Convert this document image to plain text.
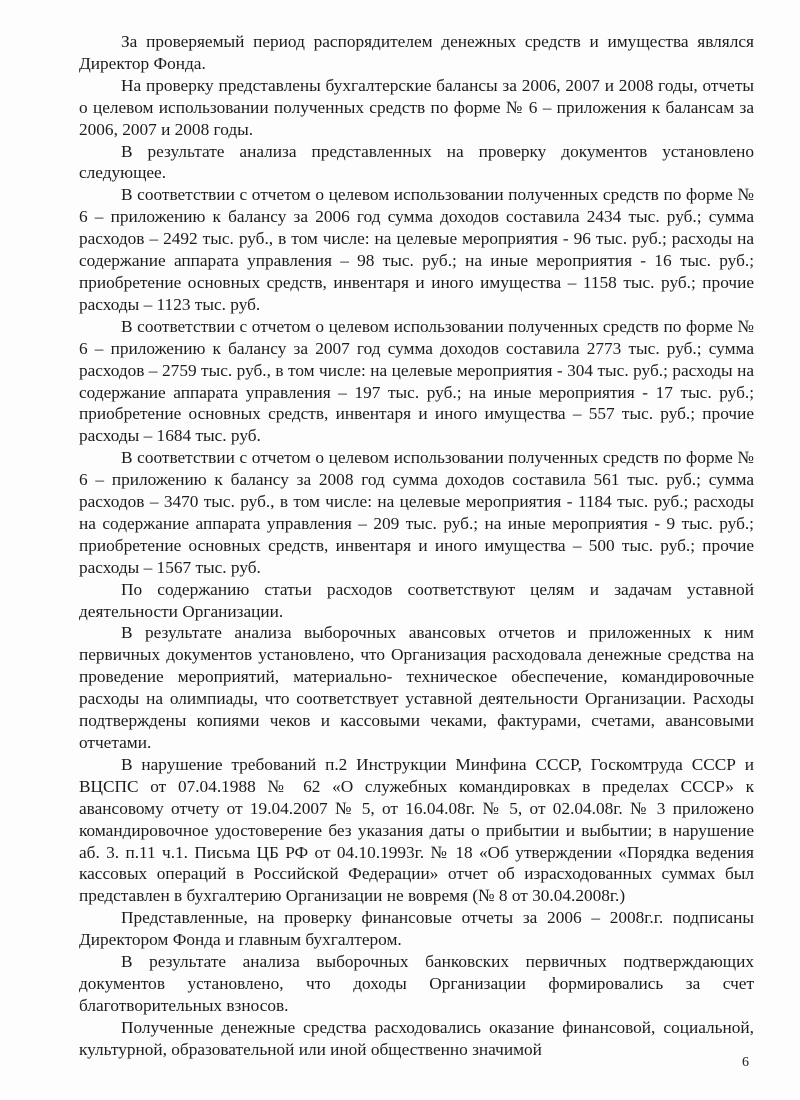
За проверяемый период распорядителем денежных средств и имущества являлся Директор Фонда.

На проверку представлены бухгалтерские балансы за 2006, 2007 и 2008 годы, отчеты о целевом использовании полученных средств по форме № 6 – приложения к балансам за 2006, 2007 и 2008 годы.

В результате анализа представленных на проверку документов установлено следующее.

В соответствии с отчетом о целевом использовании полученных средств по форме № 6 – приложению к балансу за 2006 год сумма доходов составила 2434 тыс. руб.; сумма расходов – 2492 тыс. руб., в том числе: на целевые мероприятия - 96 тыс. руб.; расходы на содержание аппарата управления – 98 тыс. руб.; на иные мероприятия - 16 тыс. руб.; приобретение основных средств, инвентаря и иного имущества – 1158 тыс. руб.; прочие расходы – 1123 тыс. руб.

В соответствии с отчетом о целевом использовании полученных средств по форме № 6 – приложению к балансу за 2007 год сумма доходов составила 2773 тыс. руб.; сумма расходов – 2759 тыс. руб., в том числе: на целевые мероприятия - 304 тыс. руб.; расходы на содержание аппарата управления – 197 тыс. руб.; на иные мероприятия - 17 тыс. руб.; приобретение основных средств, инвентаря и иного имущества – 557 тыс. руб.; прочие расходы – 1684 тыс. руб.

В соответствии с отчетом о целевом использовании полученных средств по форме № 6 – приложению к балансу за 2008 год сумма доходов составила 561 тыс. руб.; сумма расходов – 3470 тыс. руб., в том числе: на целевые мероприятия - 1184 тыс. руб.; расходы на содержание аппарата управления – 209 тыс. руб.; на иные мероприятия - 9 тыс. руб.; приобретение основных средств, инвентаря и иного имущества – 500 тыс. руб.; прочие расходы – 1567 тыс. руб.

По содержанию статьи расходов соответствуют целям и задачам уставной деятельности Организации.

В результате анализа выборочных авансовых отчетов и приложенных к ним первичных документов установлено, что Организация расходовала денежные средства на проведение мероприятий, материально- техническое обеспечение, командировочные расходы на олимпиады, что соответствует уставной деятельности Организации. Расходы подтверждены копиями чеков и кассовыми чеками, фактурами, счетами, авансовыми отчетами.

В нарушение требований п.2 Инструкции Минфина СССР, Госкомтруда СССР и ВЦСПС от 07.04.1988 № 62 «О служебных командировках в пределах СССР» к авансовому отчету от 19.04.2007 № 5, от 16.04.08г. № 5, от 02.04.08г. № 3 приложено командировочное удостоверение без указания даты о прибытии и выбытии; в нарушение аб. 3. п.11 ч.1. Письма ЦБ РФ от 04.10.1993г. № 18 «Об утверждении «Порядка ведения кассовых операций в Российской Федерации» отчет об израсходованных суммах был представлен в бухгалтерию Организации не вовремя (№ 8 от 30.04.2008г.)

Представленные, на проверку финансовые отчеты за 2006 – 2008г.г. подписаны Директором Фонда и главным бухгалтером.

В результате анализа выборочных банковских первичных подтверждающих документов установлено, что доходы Организации формировались за счет благотворительных взносов.

Полученные денежные средства расходовались оказание финансовой, социальной, культурной, образовательной или иной общественно значимой

6
